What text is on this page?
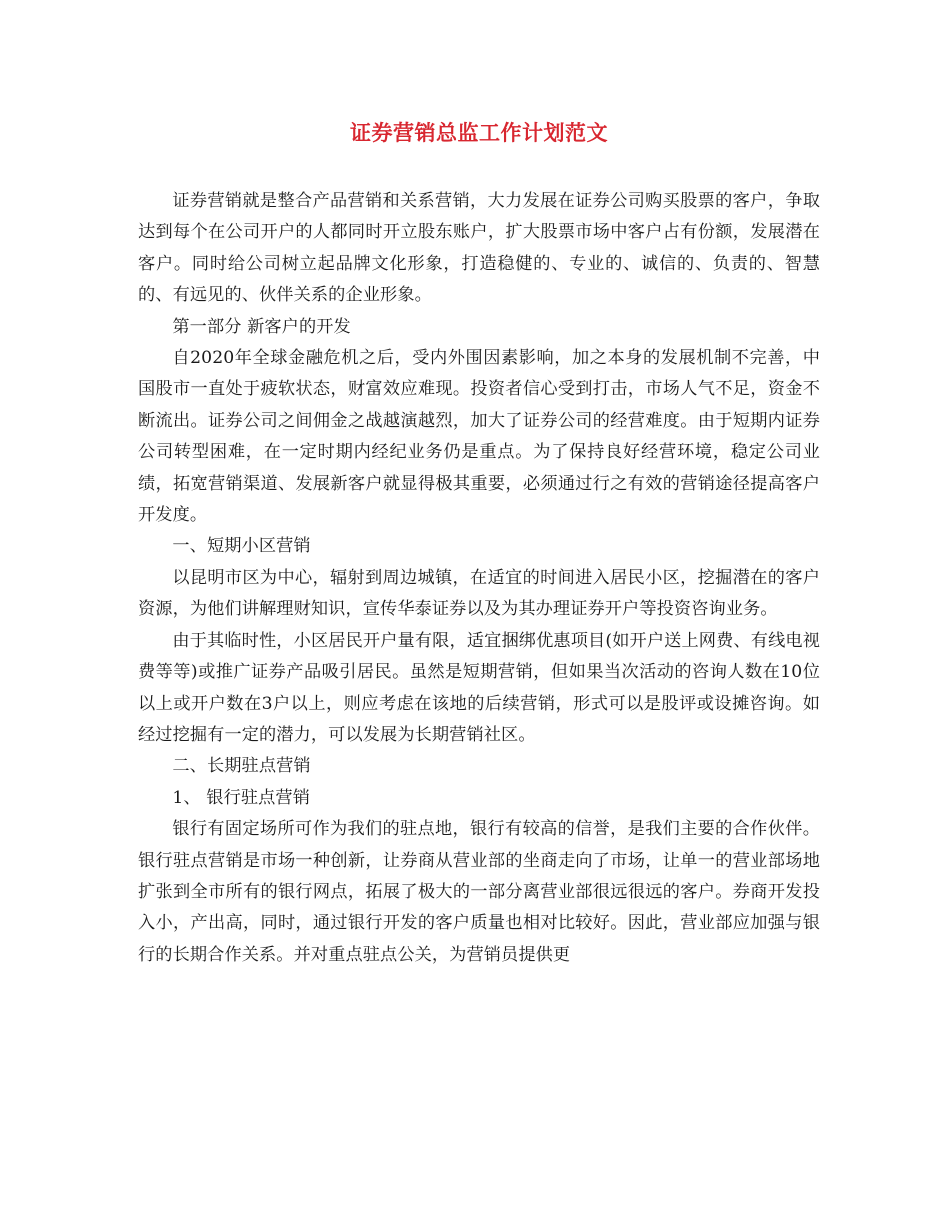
证券营销总监工作计划范文

证券营销就是整合产品营销和关系营销，大力发展在证券公司购买股票的客户，争取达到每个在公司开户的人都同时开立股东账户，扩大股票市场中客户占有份额，发展潜在客户。同时给公司树立起品牌文化形象，打造稳健的、专业的、诚信的、负责的、智慧的、有远见的、伙伴关系的企业形象。

第一部分 新客户的开发

自2020年全球金融危机之后，受内外围因素影响，加之本身的发展机制不完善，中国股市一直处于疲软状态，财富效应难现。投资者信心受到打击，市场人气不足，资金不断流出。证券公司之间佣金之战越演越烈，加大了证券公司的经营难度。由于短期内证券公司转型困难，在一定时期内经纪业务仍是重点。为了保持良好经营环境，稳定公司业绩，拓宽营销渠道、发展新客户就显得极其重要，必须通过行之有效的营销途径提高客户开发度。

一、短期小区营销

以昆明市区为中心，辐射到周边城镇，在适宜的时间进入居民小区，挖掘潜在的客户资源，为他们讲解理财知识，宣传华泰证券以及为其办理证券开户等投资咨询业务。

由于其临时性，小区居民开户量有限，适宜捆绑优惠项目(如开户送上网费、有线电视费等等)或推广证券产品吸引居民。虽然是短期营销，但如果当次活动的咨询人数在10位以上或开户数在3户以上，则应考虑在该地的后续营销，形式可以是股评或设摊咨询。如经过挖掘有一定的潜力，可以发展为长期营销社区。

二、长期驻点营销

1、 银行驻点营销

银行有固定场所可作为我们的驻点地，银行有较高的信誉，是我们主要的合作伙伴。银行驻点营销是市场一种创新，让券商从营业部的坐商走向了市场，让单一的营业部场地扩张到全市所有的银行网点，拓展了极大的一部分离营业部很远很远的客户。券商开发投入小，产出高，同时，通过银行开发的客户质量也相对比较好。因此，营业部应加强与银行的长期合作关系。并对重点驻点公关，为营销员提供更
